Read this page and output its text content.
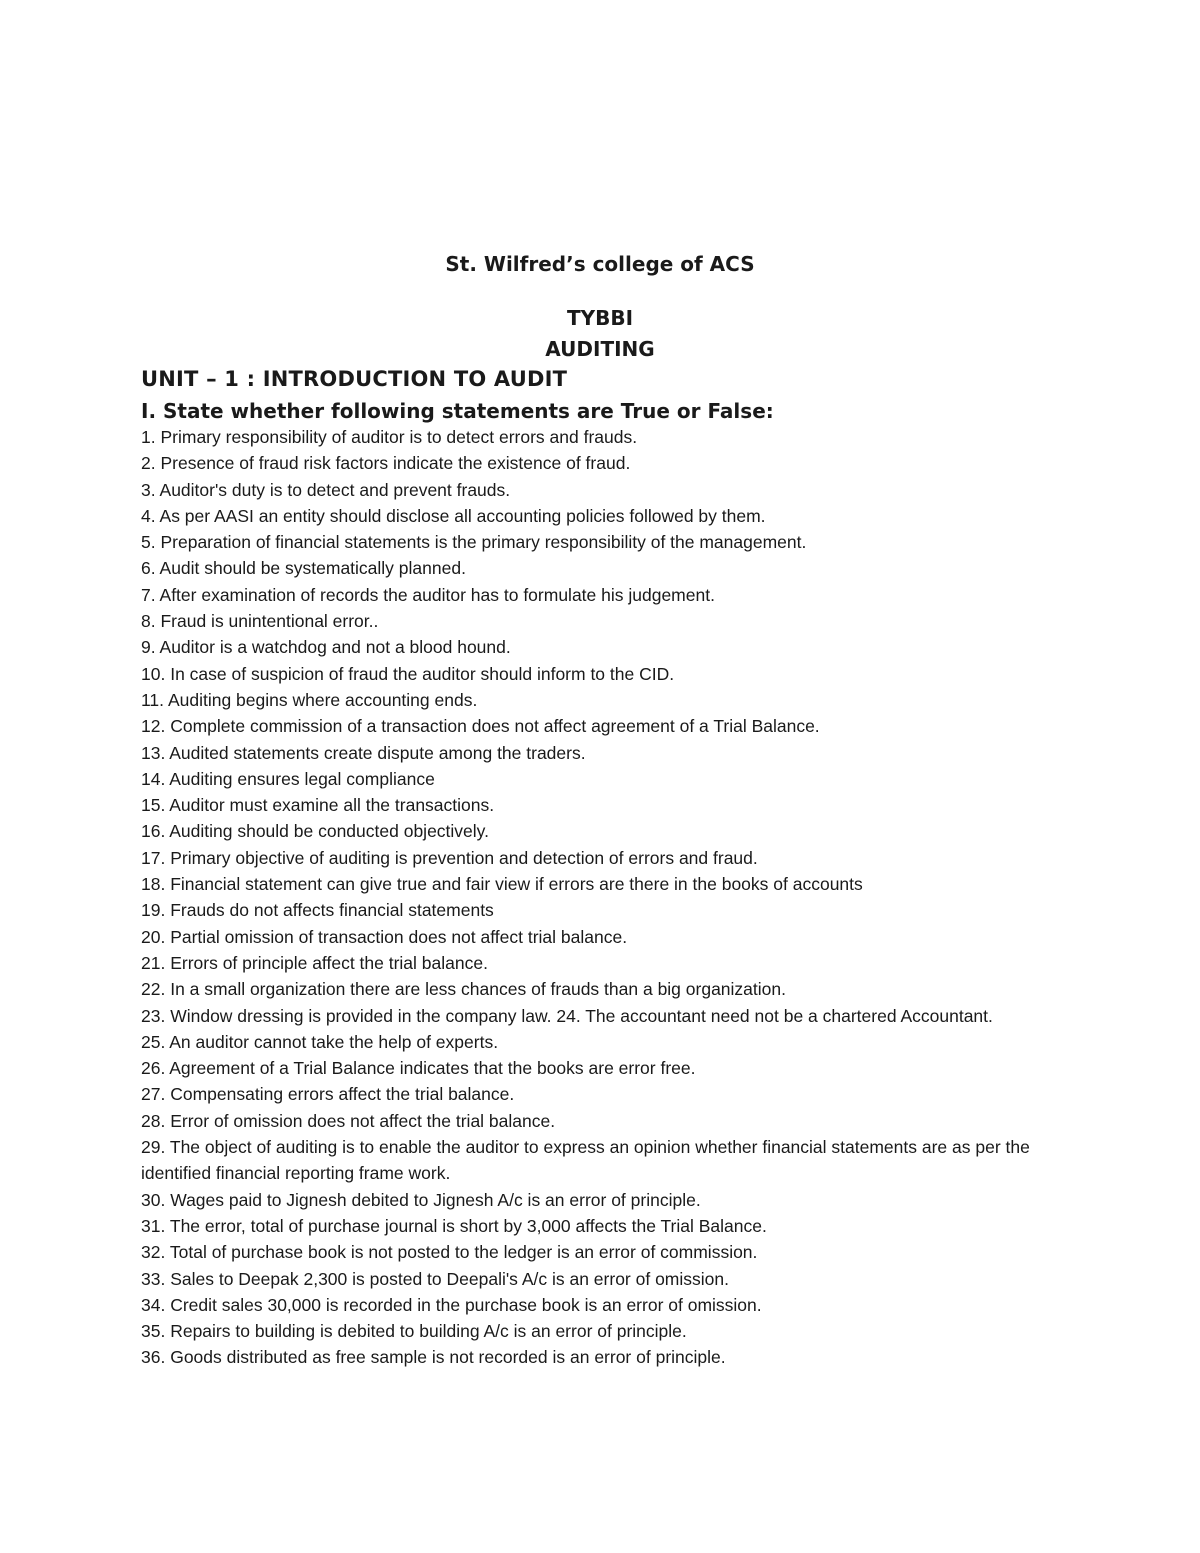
St. Wilfred’s college of ACS
TYBBI
AUDITING
UNIT – 1 : INTRODUCTION TO AUDIT
I. State whether following statements are True or False:
1. Primary responsibility of auditor is to detect errors and frauds.
2. Presence of fraud risk factors indicate the existence of fraud.
3. Auditor's duty is to detect and prevent frauds.
4. As per AASI an entity should disclose all accounting policies followed by them.
5. Preparation of financial statements is the primary responsibility of the management.
6. Audit should be systematically planned.
7. After examination of records the auditor has to formulate his judgement.
8. Fraud is unintentional error..
9. Auditor is a watchdog and not a blood hound.
10. In case of suspicion of fraud the auditor should inform to the CID.
11. Auditing begins where accounting ends.
12. Complete commission of a transaction does not affect agreement of a Trial Balance.
13. Audited statements create dispute among the traders.
14. Auditing ensures legal compliance
15. Auditor must examine all the transactions.
16. Auditing should be conducted objectively.
17. Primary objective of auditing is prevention and detection of errors and fraud.
18. Financial statement can give true and fair view if errors are there in the books of accounts
19. Frauds do not affects financial statements
20. Partial omission of transaction does not affect trial balance.
21. Errors of principle affect the trial balance.
22. In a small organization there are less chances of frauds than a big organization.
23. Window dressing is provided in the company law. 24. The accountant need not be a chartered Accountant.
25. An auditor cannot take the help of experts.
26. Agreement of a Trial Balance indicates that the books are error free.
27. Compensating errors affect the trial balance.
28. Error of omission does not affect the trial balance.
29. The object of auditing is to enable the auditor to express an opinion whether financial statements are as per the identified financial reporting frame work.
30. Wages paid to Jignesh debited to Jignesh A/c is an error of principle.
31. The error, total of purchase journal is short by 3,000 affects the Trial Balance.
32. Total of purchase book is not posted to the ledger is an error of commission.
33. Sales to Deepak 2,300 is posted to Deepali's A/c is an error of omission.
34. Credit sales 30,000 is recorded in the purchase book is an error of omission.
35. Repairs to building is debited to building A/c is an error of principle.
36. Goods distributed as free sample is not recorded is an error of principle.
